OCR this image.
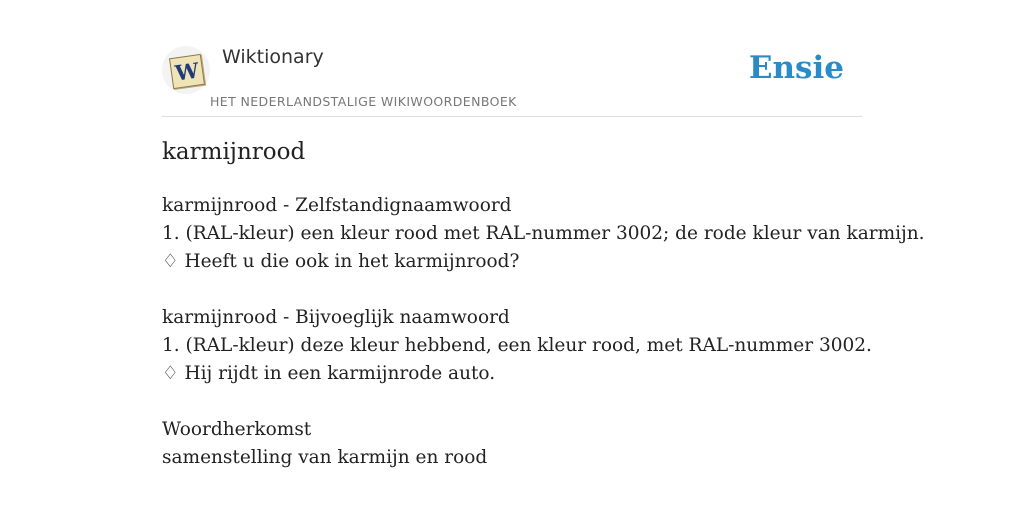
W
Wiktionary
HET NEDERLANDSTALIGE WIKIWOORDENBOEK
Ensie
karmijnrood
karmijnrood - Zelfstandignaamwoord
1. (RAL-kleur) een kleur rood met RAL-nummer 3002; de rode kleur van karmijn.
♢ Heeft u die ook in het karmijnrood?
karmijnrood - Bijvoeglijk naamwoord
1. (RAL-kleur) deze kleur hebbend, een kleur rood, met RAL-nummer 3002.
♢ Hij rijdt in een karmijnrode auto.
Woordherkomst
samenstelling van karmijn en rood
